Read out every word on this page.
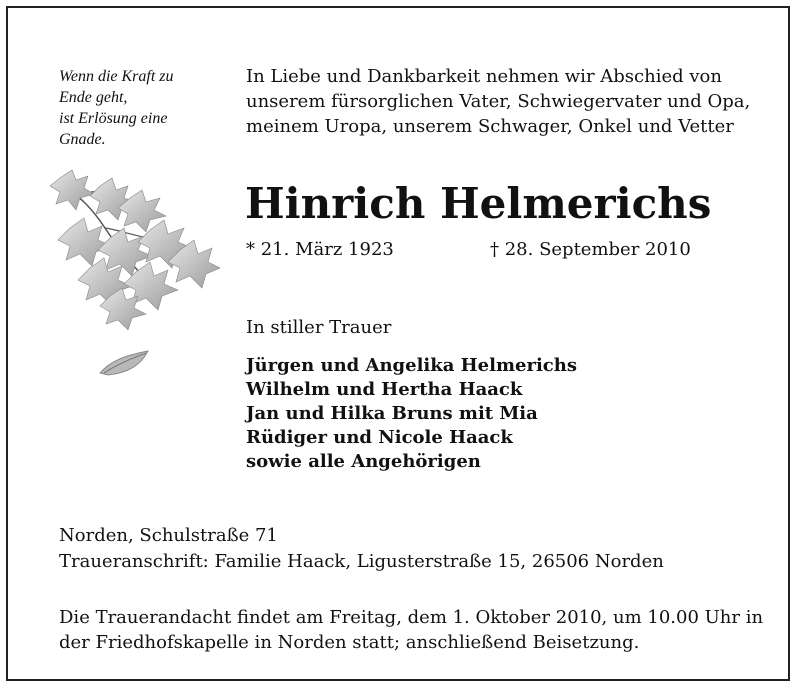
Wenn die Kraft zu
Ende geht,
ist Erlösung eine
Gnade.
In Liebe und Dankbarkeit nehmen wir Abschied von
unserem fürsorglichen Vater, Schwiegervater und Opa,
meinem Uropa, unserem Schwager, Onkel und Vetter
Hinrich Helmerichs
* 21. März 1923	† 28. September 2010
In stiller Trauer
Jürgen und Angelika Helmerichs
Wilhelm und Hertha Haack
Jan und Hilka Bruns mit Mia
Rüdiger und Nicole Haack
sowie alle Angehörigen
Norden, Schulstraße 71
Traueranschrift: Familie Haack, Ligusterstraße 15, 26506 Norden
Die Trauerandacht findet am Freitag, dem 1. Oktober 2010, um 10.00 Uhr in
der Friedhofskapelle in Norden statt; anschließend Beisetzung.
